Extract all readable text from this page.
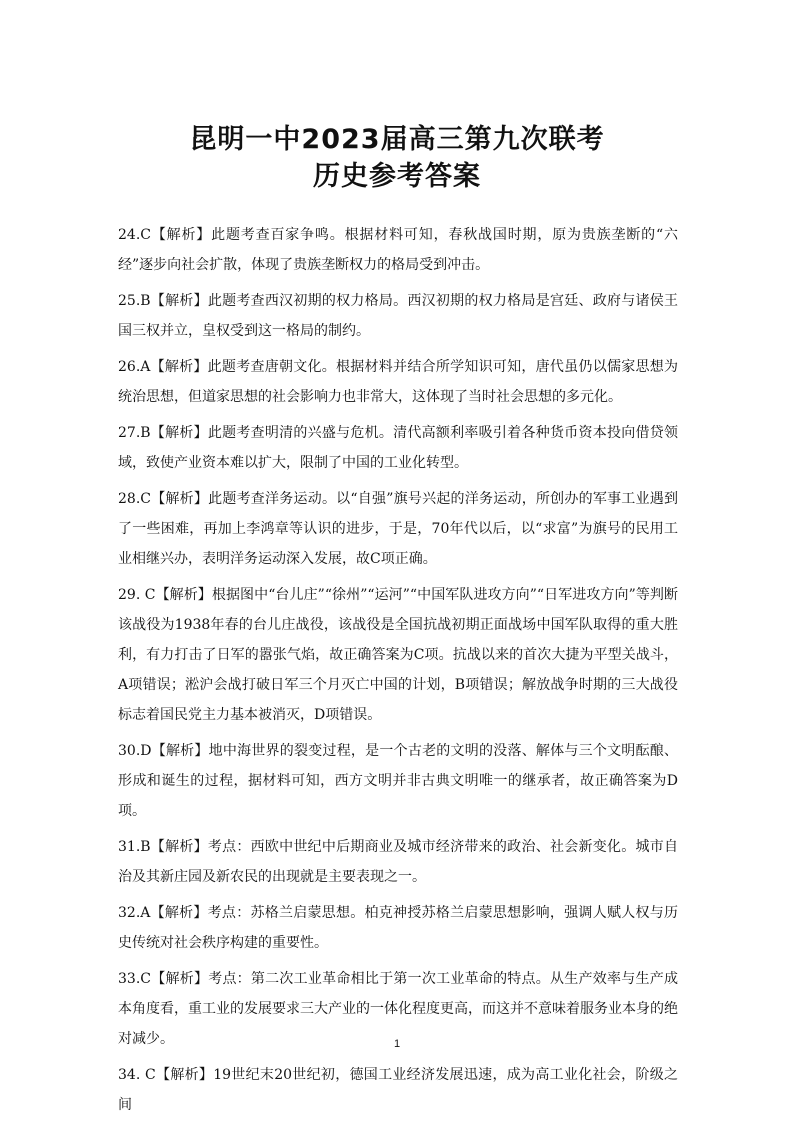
昆明一中2023届高三第九次联考
历史参考答案

24.C【解析】此题考查百家争鸣。根据材料可知，春秋战国时期，原为贵族垄断的“六经”逐步向社会扩散，体现了贵族垄断权力的格局受到冲击。

25.B【解析】此题考查西汉初期的权力格局。西汉初期的权力格局是宫廷、政府与诸侯王国三权并立，皇权受到这一格局的制约。

26.A【解析】此题考查唐朝文化。根据材料并结合所学知识可知，唐代虽仍以儒家思想为统治思想，但道家思想的社会影响力也非常大，这体现了当时社会思想的多元化。

27.B【解析】此题考查明清的兴盛与危机。清代高额利率吸引着各种货币资本投向借贷领域，致使产业资本难以扩大，限制了中国的工业化转型。

28.C【解析】此题考查洋务运动。以“自强”旗号兴起的洋务运动，所创办的军事工业遇到了一些困难，再加上李鸿章等认识的进步，于是，70年代以后，以“求富”为旗号的民用工业相继兴办，表明洋务运动深入发展，故C项正确。

29. C【解析】根据图中“台儿庄”“徐州”“运河”“中国军队进攻方向”“日军进攻方向”等判断该战役为1938年春的台儿庄战役，该战役是全国抗战初期正面战场中国军队取得的重大胜利，有力打击了日军的嚣张气焰，故正确答案为C项。抗战以来的首次大捷为平型关战斗，A项错误；淞沪会战打破日军三个月灭亡中国的计划，B项错误；解放战争时期的三大战役标志着国民党主力基本被消灭，D项错误。

30.D【解析】地中海世界的裂变过程，是一个古老的文明的没落、解体与三个文明酝酿、形成和诞生的过程，据材料可知，西方文明并非古典文明唯一的继承者，故正确答案为D 项。

31.B【解析】考点：西欧中世纪中后期商业及城市经济带来的政治、社会新变化。城市自治及其新庄园及新农民的出现就是主要表现之一。

32.A【解析】考点：苏格兰启蒙思想。柏克神授苏格兰启蒙思想影响，强调人赋人权与历史传统对社会秩序构建的重要性。

33.C【解析】考点：第二次工业革命相比于第一次工业革命的特点。从生产效率与生产成本角度看，重工业的发展要求三大产业的一体化程度更高，而这并不意味着服务业本身的绝对减少。

34. C【解析】19世纪末20世纪初，德国工业经济发展迅速，成为高工业化社会，阶级之间

1
